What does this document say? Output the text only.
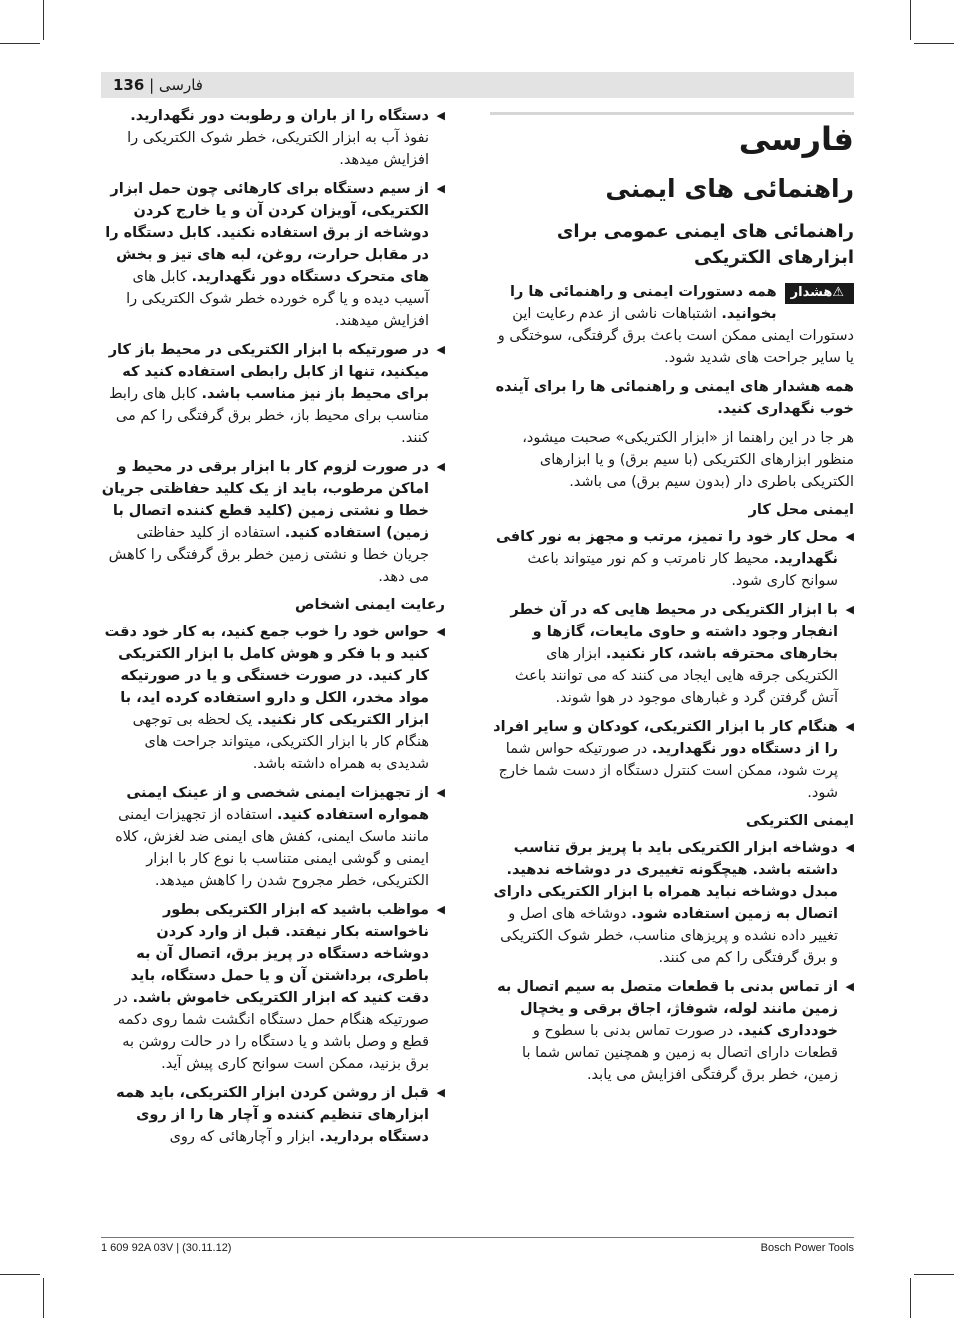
فارسی | 136
فارسی
راهنمائی های ایمنی
راهنمائی های ایمنی عمومی برای ابزارهای الکتریکی

⚠هشدار
همه دستورات ایمنی و راهنمائی ها را بخوانید. اشتباهات ناشی از عدم رعایت این دستورات ایمنی ممکن است باعث برق گرفتگی، سوختگی و یا سایر جراحت های شدید شود.

همه هشدار های ایمنی و راهنمائی ها را برای آینده خوب نگهداری کنید.

هر جا در این راهنما از «ابزار الکتریکی» صحبت میشود، منظور ابزارهای الکتریکی (با سیم برق) و یا ابزارهای الکتریکی باطری دار (بدون سیم برق) می باشد.

ایمنی محل کار
◀
محل کار خود را تمیز، مرتب و مجهز به نور کافی نگهدارید. محیط کار نامرتب و کم نور میتواند باعث سوانح کاری شود.
◀
با ابزار الکتریکی در محیط هایی که در آن خطر انفجار وجود داشته و حاوی مایعات، گازها و بخارهای محترقه باشد، کار نکنید. ابزار های الکتریکی جرقه هایی ایجاد می کنند که می توانند باعث آتش گرفتن گرد و غبارهای موجود در هوا شوند.
◀
هنگام کار با ابزار الکتریکی، کودکان و سایر افراد را از دستگاه دور نگهدارید. در صورتیکه حواس شما پرت شود، ممکن است کنترل دستگاه از دست شما خارج شود.
ایمنی الکتریکی
◀
دوشاخه ابزار الکتریکی باید با پریز برق تناسب داشته باشد. هیچگونه تغییری در دوشاخه ندهید. مبدل دوشاخه نباید همراه با ابزار الکتریکی دارای اتصال به زمین استفاده شود. دوشاخه های اصل و تغییر داده نشده و پریزهای مناسب، خطر شوک الکتریکی و برق گرفتگی را کم می کنند.
◀
از تماس بدنی با قطعات متصل به سیم اتصال به زمین مانند لوله، شوفاژ، اجاق برقی و یخچال خودداری کنید. در صورت تماس بدنی با سطوح و قطعات دارای اتصال به زمین و همچنین تماس شما با زمین، خطر برق گرفتگی افزایش می یابد.
◀
دستگاه را از باران و رطوبت دور نگهدارید. نفوذ آب به ابزار الکتریکی، خطر شوک الکتریکی را افزایش میدهد.
◀
از سیم دستگاه برای کارهائی چون حمل ابزار الکتریکی، آویزان کردن آن و یا خارج کردن دوشاخه از برق استفاده نکنید. کابل دستگاه را در مقابل حرارت، روغن، لبه های تیز و بخش های متحرک دستگاه دور نگهدارید. کابل های آسیب دیده و یا گره خورده خطر شوک الکتریکی را افزایش میدهند.
◀
در صورتیکه با ابزار الکتریکی در محیط باز کار میکنید، تنها از کابل رابطی استفاده کنید که برای محیط باز نیز مناسب باشد. کابل های رابط مناسب برای محیط باز، خطر برق گرفتگی را کم می کنند.
◀
در صورت لزوم کار با ابزار برقی در محیط و اماکن مرطوب، باید از یک کلید حفاظتی جریان خطا و نشتی زمین (کلید قطع کننده اتصال با زمین) استفاده کنید. استفاده از کلید حفاظتی جریان خطا و نشتی زمین خطر برق گرفتگی را کاهش می دهد.
رعایت ایمنی اشخاص
◀
حواس خود را خوب جمع کنید، به کار خود دقت کنید و با فکر و هوش کامل با ابزار الکتریکی کار کنید. در صورت خستگی و یا در صورتیکه مواد مخدر، الکل و دارو استفاده کرده اید، با ابزار الکتریکی کار نکنید. یک لحظه بی توجهی هنگام کار با ابزار الکتریکی، میتواند جراحت های شدیدی به همراه داشته باشد.
◀
از تجهیزات ایمنی شخصی و از عینک ایمنی همواره استفاده کنید. استفاده از تجهیزات ایمنی مانند ماسک ایمنی، کفش های ایمنی ضد لغزش، کلاه ایمنی و گوشی ایمنی متناسب با نوع کار با ابزار الکتریکی، خطر مجروح شدن را کاهش میدهد.
◀
مواظب باشید که ابزار الکتریکی بطور ناخواسته بکار نیفتد. قبل از وارد کردن دوشاخه دستگاه در پریز برق، اتصال آن به باطری، برداشتن آن و یا حمل دستگاه، باید دقت کنید که ابزار الکتریکی خاموش باشد. در صورتیکه هنگام حمل دستگاه انگشت شما روی دکمه قطع و وصل باشد و یا دستگاه را در حالت روشن به برق بزنید، ممکن است سوانح کاری پیش آید.
◀
قبل از روشن کردن ابزار الکتریکی، باید همه ابزارهای تنظیم کننده و آچار ها را از روی دستگاه بردارید. ابزار و آچارهائی که روی
1 609 92A 03V | (30.11.12)	Bosch Power Tools
